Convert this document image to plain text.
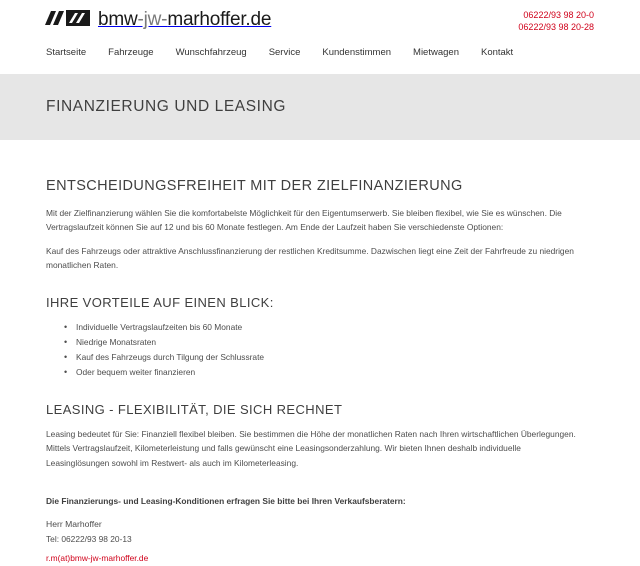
bmw-jw-marhoffer.de	06222/93 98 20-0
06222/93 98 20-28
Startseite	Fahrzeuge	Wunschfahrzeug	Service	Kundenstimmen	Mietwagen	Kontakt
FINANZIERUNG UND LEASING
ENTSCHEIDUNGSFREIHEIT MIT DER ZIELFINANZIERUNG

Mit der Zielfinanzierung wählen Sie die komfortabelste Möglichkeit für den Eigentumserwerb. Sie bleiben flexibel, wie Sie es wünschen. Die Vertragslaufzeit können Sie auf 12 und bis 60 Monate festlegen. Am Ende der Laufzeit haben Sie verschiedenste Optionen:

Kauf des Fahrzeugs oder attraktive Anschlussfinanzierung der restlichen Kreditsumme. Dazwischen liegt eine Zeit der Fahrfreude zu niedrigen monatlichen Raten.

IHRE VORTEILE AUF EINEN BLICK:
• Individuelle Vertragslaufzeiten bis 60 Monate
• Niedrige Monatsraten
• Kauf des Fahrzeugs durch Tilgung der Schlussrate
• Oder bequem weiter finanzieren
LEASING - FLEXIBILITÄT, DIE SICH RECHNET

Leasing bedeutet für Sie: Finanziell flexibel bleiben. Sie bestimmen die Höhe der monatlichen Raten nach Ihren wirtschaftlichen Überlegungen. Mittels Vertragslaufzeit, Kilometerleistung und falls gewünscht eine Leasingsonderzahlung. Wir bieten Ihnen deshalb individuelle Leasinglösungen sowohl im Restwert- als auch im Kilometerleasing.

Die Finanzierungs- und Leasing-Konditionen erfragen Sie bitte bei Ihren Verkaufsberatern:
Herr Marhoffer
Tel: 06222/93 98 20-13
r.m(at)bmw-jw-marhoffer.de
